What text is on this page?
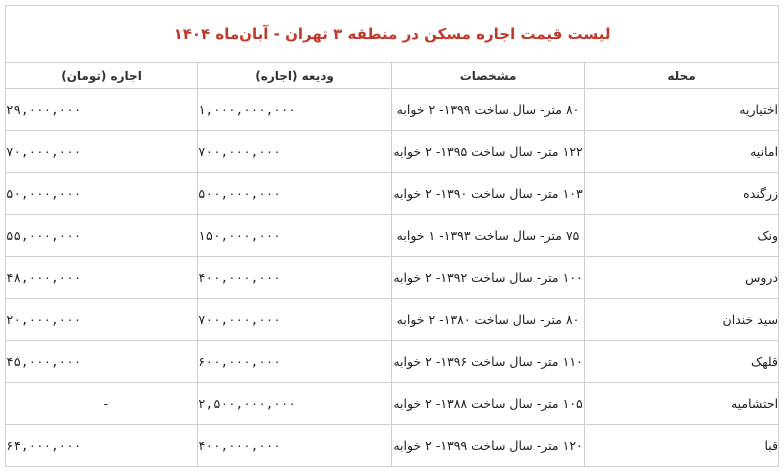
لیست قیمت اجاره مسکن در منطقه ۳ تهران - آبان‌ماه ۱۴۰۴			
محله	مشخصات	ودیعه (اجاره)	اجاره (تومان)
اختیاریه	۸۰ متر- سال ساخت ۱۳۹۹- ۲ خوابه	۱,۰۰۰,۰۰۰,۰۰۰	۲۹,۰۰۰,۰۰۰
امانیه	۱۲۲ متر- سال ساخت ۱۳۹۵- ۲ خوابه	۷۰۰,۰۰۰,۰۰۰	۷۰,۰۰۰,۰۰۰
زرگنده	۱۰۳ متر- سال ساخت ۱۳۹۰- ۲ خوابه	۵۰۰,۰۰۰,۰۰۰	۵۰,۰۰۰,۰۰۰
ونک	۷۵ متر- سال ساخت ۱۳۹۳- ۱ خوابه	۱۵۰,۰۰۰,۰۰۰	۵۵,۰۰۰,۰۰۰
دروس	۱۰۰ متر- سال ساخت ۱۳۹۲- ۲ خوابه	۴۰۰,۰۰۰,۰۰۰	۴۸,۰۰۰,۰۰۰
سید خندان	۸۰ متر- سال ساخت ۱۳۸۰- ۲ خوابه	۷۰۰,۰۰۰,۰۰۰	۲۰,۰۰۰,۰۰۰
قلهک	۱۱۰ متر- سال ساخت ۱۳۹۶- ۲ خوابه	۶۰۰,۰۰۰,۰۰۰	۴۵,۰۰۰,۰۰۰
احتشامیه	۱۰۵ متر- سال ساخت ۱۳۸۸- ۲ خوابه	۲,۵۰۰,۰۰۰,۰۰۰	-
قبا	۱۲۰ متر- سال ساخت ۱۳۹۹- ۲ خوابه	۴۰۰,۰۰۰,۰۰۰	۶۴,۰۰۰,۰۰۰
